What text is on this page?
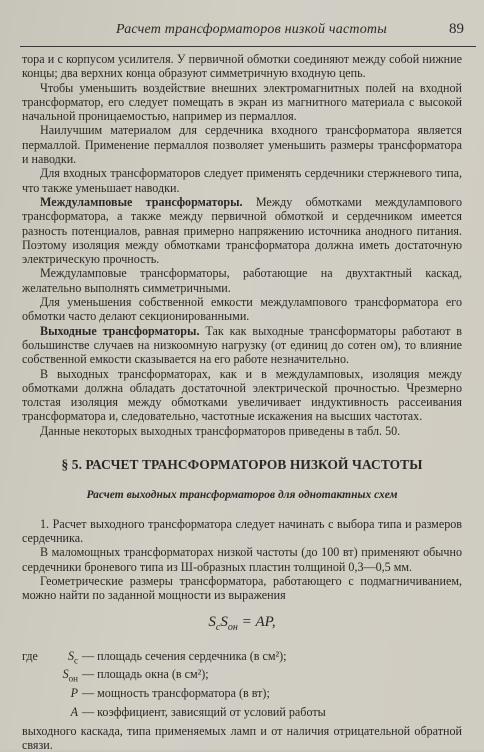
Расчет трансформаторов низкой частоты	89

тора и с корпусом усилителя. У первичной обмотки соединяют между собой нижние концы; два верхних конца образуют симметричную входную цепь.

Чтобы уменьшить воздействие внешних электромагнитных полей на входной трансформатор, его следует помещать в экран из магнитного материала с высокой начальной проницаемостью, например из пермаллоя.

Наилучшим материалом для сердечника входного трансформатора является пермаллой. Применение пермаллоя позволяет уменьшить размеры трансформатора и наводки.

Для входных трансформаторов следует применять сердечники стержневого типа, что также уменьшает наводки.

Междуламповые трансформаторы. Между обмотками междулампового трансформатора, а также между первичной обмоткой и сердечником имеется разность потенциалов, равная примерно напряжению источника анодного питания. Поэтому изоляция между обмотками трансформатора должна иметь достаточную электрическую прочность.

Междуламповые трансформаторы, работающие на двухтактный каскад, желательно выполнять симметричными.

Для уменьшения собственной емкости междулампового трансформатора его обмотки часто делают секционированными.

Выходные трансформаторы. Так как выходные трансформаторы работают в большинстве случаев на низкоомную нагрузку (от единиц до сотен ом), то влияние собственной емкости сказывается на его работе незначительно.

В выходных трансформаторах, как и в междуламповых, изоляция между обмотками должна обладать достаточной электрической прочностью. Чрезмерно толстая изоляция между обмотками увеличивает индуктивность рассеивания трансформатора и, следовательно, частотные искажения на высших частотах.

Данные некоторых выходных трансформаторов приведены в табл. 50.

§ 5. РАСЧЕТ ТРАНСФОРМАТОРОВ НИЗКОЙ ЧАСТОТЫ
Расчет выходных трансформаторов для однотактных схем

1. Расчет выходного трансформатора следует начинать с выбора типа и размеров сердечника.

В маломощных трансформаторах низкой частоты (до 100 вт) применяют обычно сердечники броневого типа из Ш-образных пластин толщиной 0,3—0,5 мм.

Геометрические размеры трансформатора, работающего с подмагничиванием, можно найти по заданной мощности из выражения

$S_cS_{он}$ = AP,
где	$S_с$ — площадь сечения сердечника (в см²);
$S_{он}$ — площадь окна (в см²);
P — мощность трансформатора (в вт);
A — коэффициент, зависящий от условий работы

выходного каскада, типа применяемых ламп и от наличия отрицательной обратной связи.
